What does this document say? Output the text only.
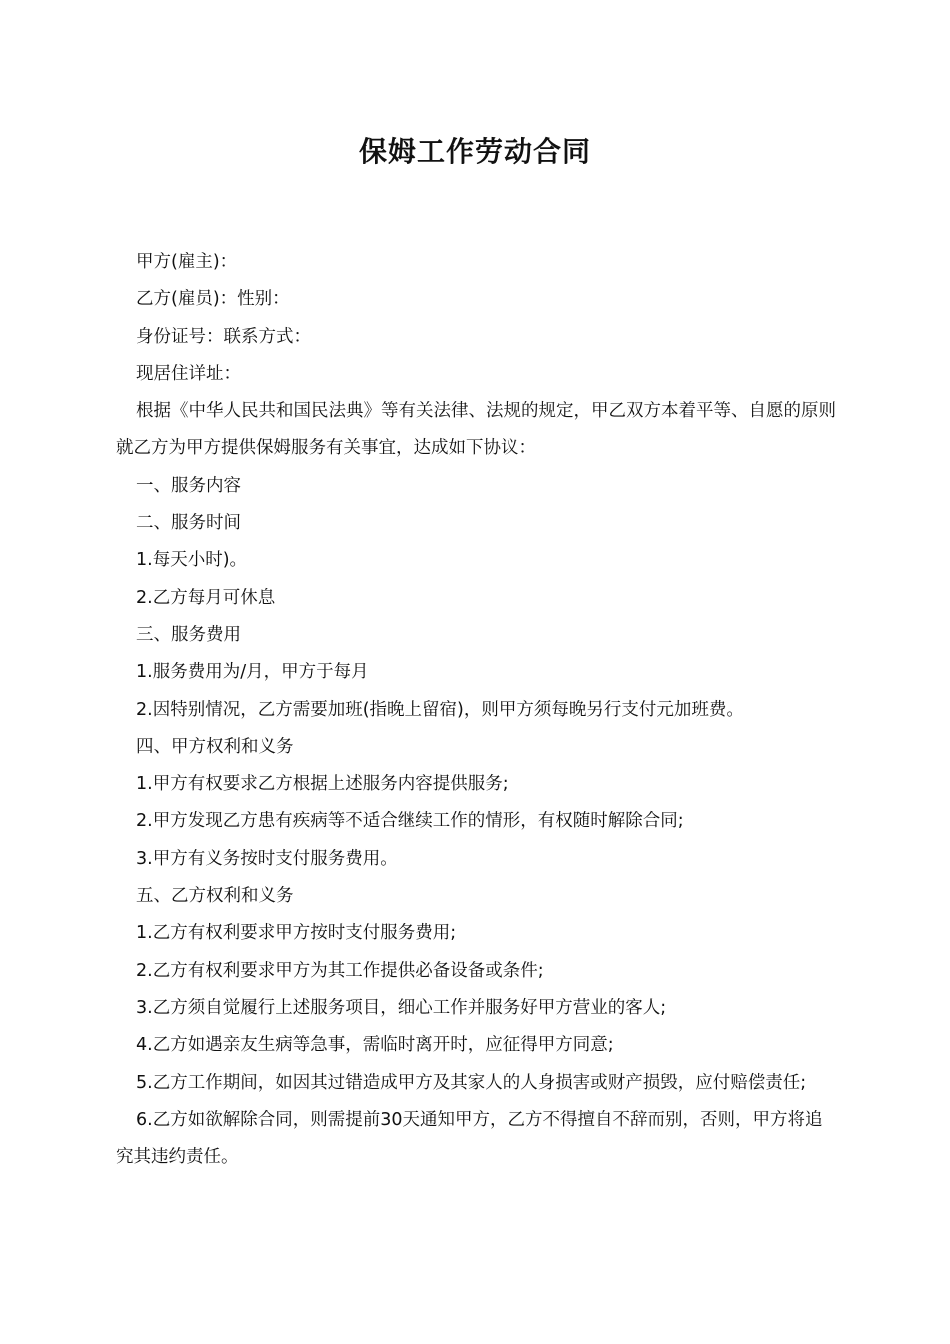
保姆工作劳动合同

甲方(雇主)：

乙方(雇员)：性别：

身份证号：联系方式：

现居住详址：

根据《中华人民共和国民法典》等有关法律、法规的规定，甲乙双方本着平等、自愿的原则就乙方为甲方提供保姆服务有关事宜，达成如下协议：

一、服务内容

二、服务时间

1.每天小时)。

2.乙方每月可休息

三、服务费用

1.服务费用为/月，甲方于每月

2.因特别情况，乙方需要加班(指晚上留宿)，则甲方须每晚另行支付元加班费。

四、甲方权利和义务

1.甲方有权要求乙方根据上述服务内容提供服务;

2.甲方发现乙方患有疾病等不适合继续工作的情形，有权随时解除合同;

3.甲方有义务按时支付服务费用。

五、乙方权利和义务

1.乙方有权利要求甲方按时支付服务费用;

2.乙方有权利要求甲方为其工作提供必备设备或条件;

3.乙方须自觉履行上述服务项目，细心工作并服务好甲方营业的客人;

4.乙方如遇亲友生病等急事，需临时离开时，应征得甲方同意;

5.乙方工作期间，如因其过错造成甲方及其家人的人身损害或财产损毁，应付赔偿责任;

6.乙方如欲解除合同，则需提前30天通知甲方，乙方不得擅自不辞而别，否则，甲方将追究其违约责任。
